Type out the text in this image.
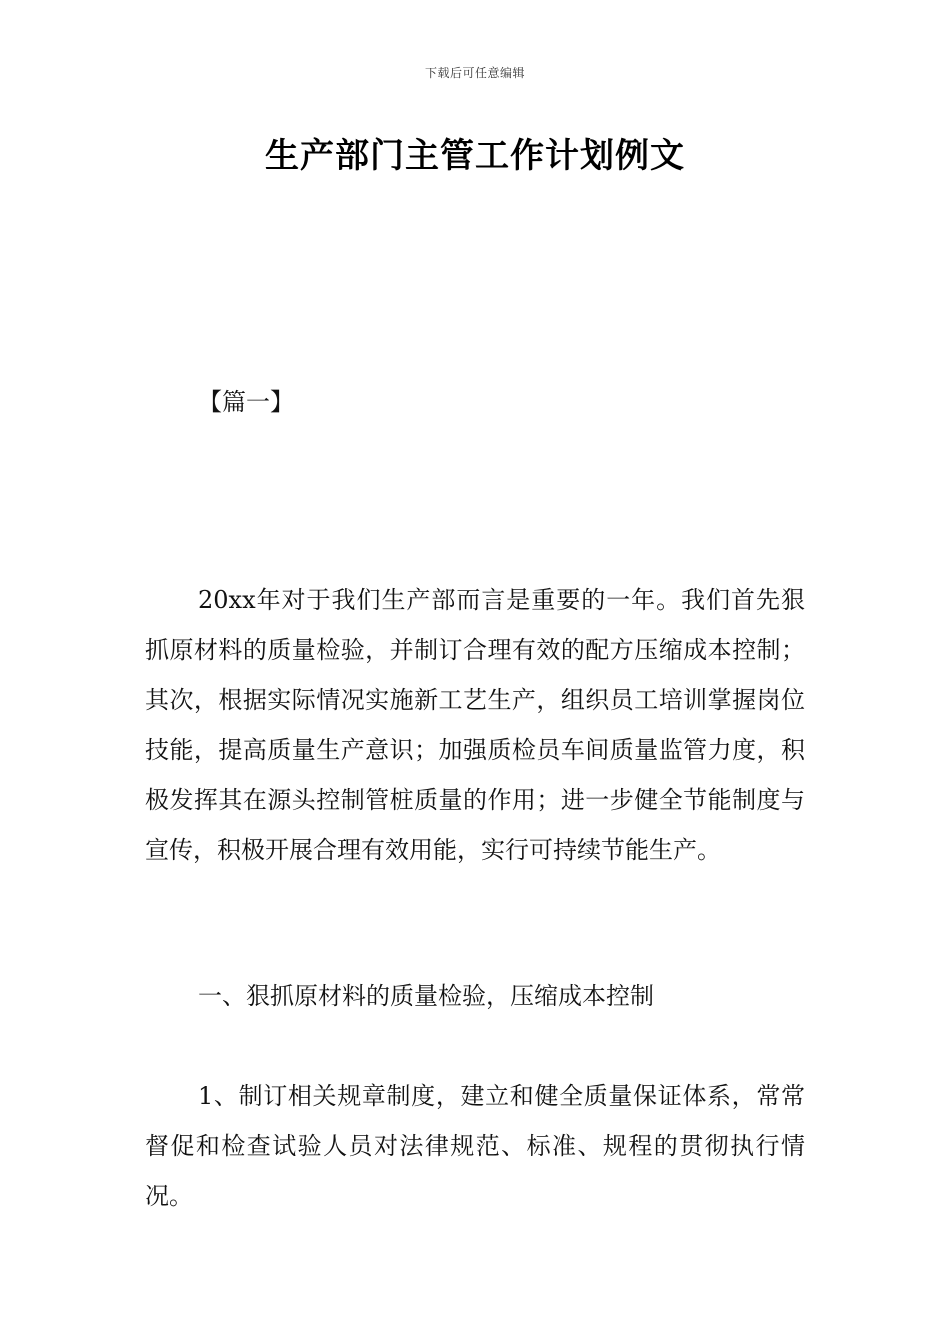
下载后可任意编辑
生产部门主管工作计划例文
【篇一】

20xx年对于我们生产部而言是重要的一年。我们首先狠抓原材料的质量检验，并制订合理有效的配方压缩成本控制；其次，根据实际情况实施新工艺生产，组织员工培训掌握岗位技能，提高质量生产意识；加强质检员车间质量监管力度，积极发挥其在源头控制管桩质量的作用；进一步健全节能制度与宣传，积极开展合理有效用能，实行可持续节能生产。

一、狠抓原材料的质量检验，压缩成本控制

1、制订相关规章制度，建立和健全质量保证体系，常常督促和检查试验人员对法律规范、标准、规程的贯彻执行情况。
